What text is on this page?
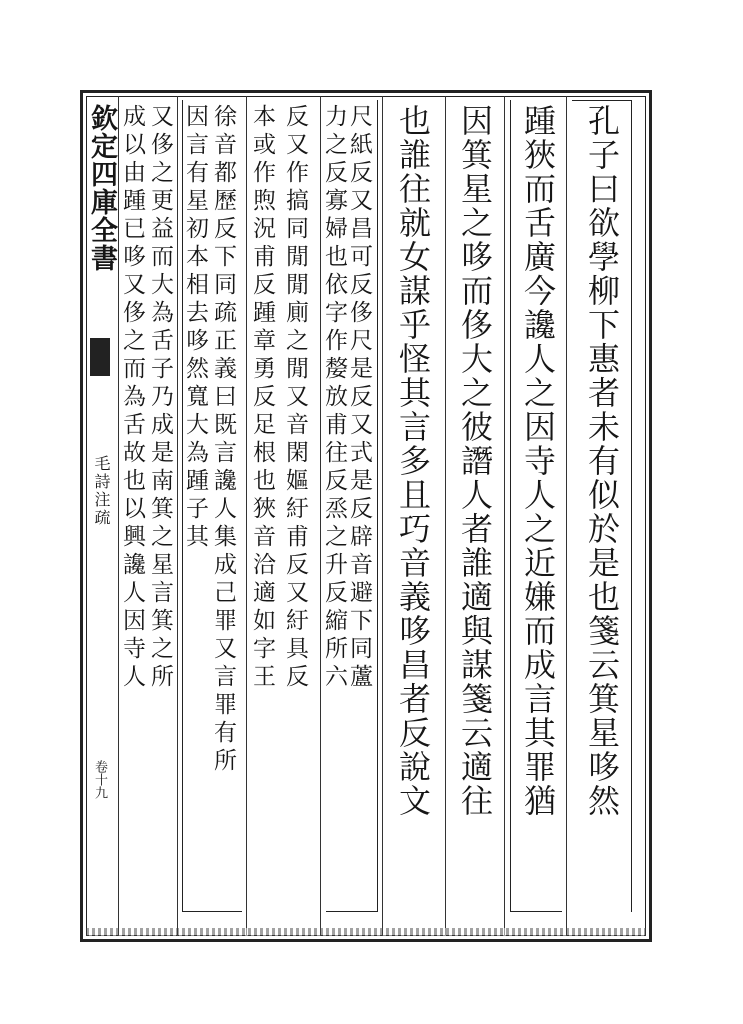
欽定四庫全書
毛詩注疏
卷十九	孔子曰欲學柳下惠者未有似於是也箋云箕星哆然
踵狹而舌廣今讒人之因寺人之近嫌而成言其罪猶
因箕星之哆而侈大之彼譖人者誰適與謀箋云適往
也誰往就女謀乎怪其言多且巧音義哆昌者反說文
尺紙反又昌可反侈尺是反又式是反辟音避下同蘆
力之反寡婦也依字作嫠放甫往反烝之升反縮所六
反又作搞同閒閒廁之閒又音閑嫗紆甫反又紆具反
本或作煦況甫反踵章勇反足根也狹音洽適如字王
徐音都歷反下同疏正義曰既言讒人集成己罪又言罪有所
因言有星初本相去哆然寬大為踵子其
又侈之更益而大為舌子乃成是南箕之星言箕之所
成以由踵已哆又侈之而為舌故也以興讒人因寺人
